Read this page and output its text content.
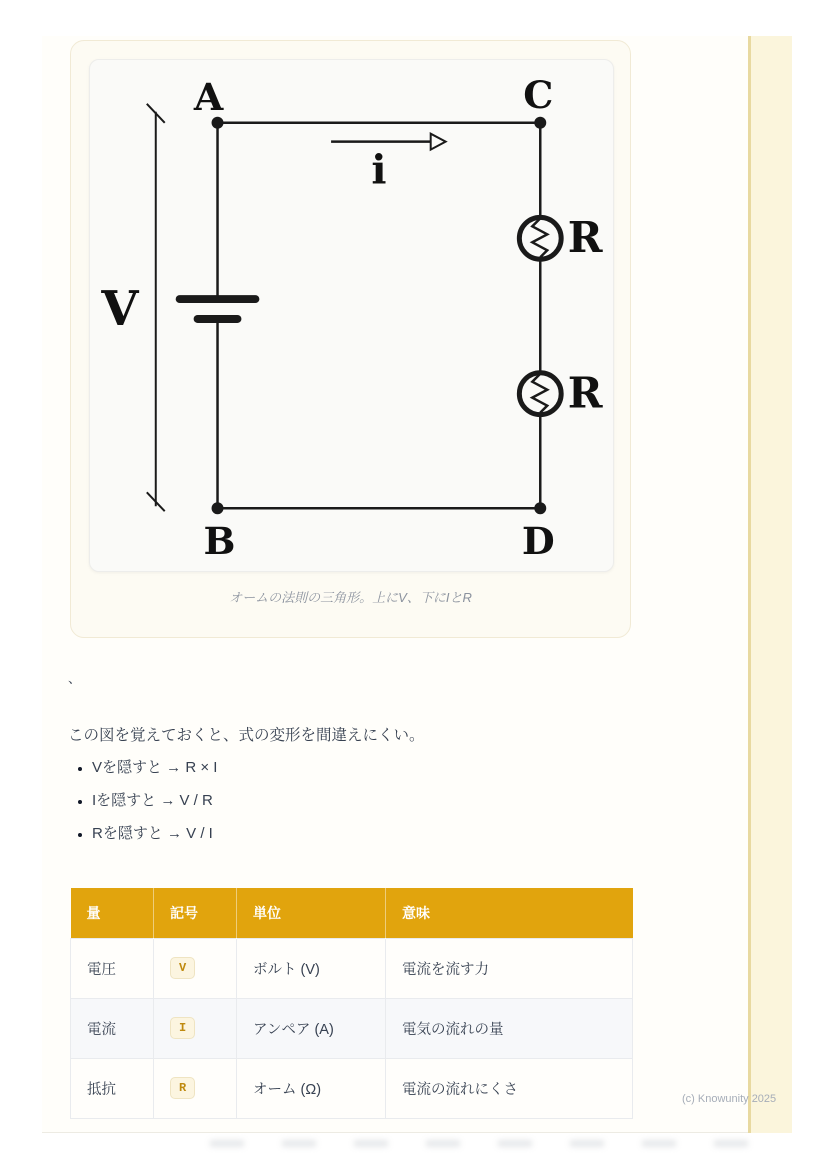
A	C
B	D
V
i
R
R
オームの法則の三角形。上にV、下にIとR
、

この図を覚えておくと、式の変形を間違えにくい。

• Vを隠すと → R × I
• Iを隠すと → V / R
• Rを隠すと → V / I
量	記号	単位	意味
電圧	V	ボルト (V)	電流を流す力
電流	I	アンペア (A)	電気の流れの量
抵抗	R	オーム (Ω)	電流の流れにくさ
(c) Knowunity 2025
